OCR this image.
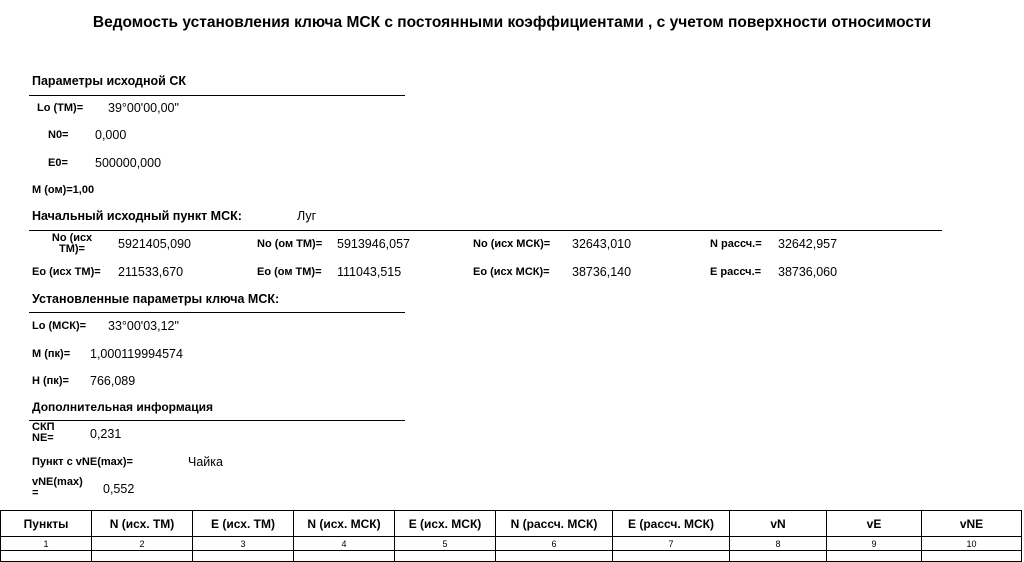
Ведомость установления ключа МСК с постоянными коэффициентами , с учетом поверхности относимости
Параметры исходной СК
Lo (ТМ)= 39°00'00,00"
N0= 0,000
E0= 500000,000
M (ом)=1,00
Начальный исходный пункт МСК:	Луг
No (исх ТМ)=	5921405,090	No (ом ТМ)= 5913946,057	No (исх МСК)= 32643,010	N рассч.= 32642,957
Eo (исх ТМ)= 211533,670	Eo (ом ТМ)= 111043,515	Eo (исх МСК)= 38736,140	E рассч.= 38736,060
Установленные параметры ключа МСК:
Lo (МСК)= 33°00'03,12"
M (пк)= 1,000119994574
H (пк)= 766,089
Дополнительная информация
СКП NE=	0,231
Пункт с vNE(max)=	Чайка
vNE(max) =	0,552
Пункты	N (исх. ТМ)	E (исх. ТМ)	N (исх. МСК)	E (исх. МСК)	N (рассч. МСК)	E (рассч. МСК)	vN	vE	vNE
1	2	3	4	5	6	7	8	9	10
